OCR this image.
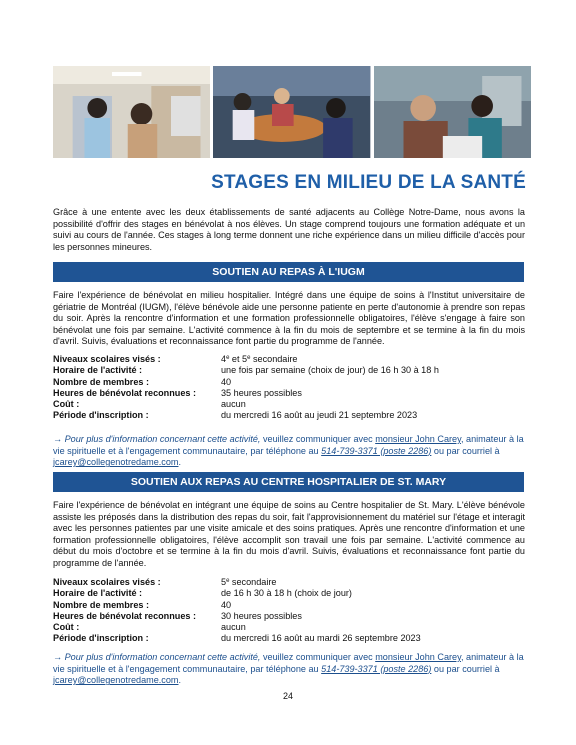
STAGES EN MILIEU DE LA SANTÉ
Grâce à une entente avec les deux établissements de santé adjacents au Collège Notre-Dame, nous avons la possibilité d'offrir des stages en bénévolat à nos élèves. Un stage comprend toujours une formation adéquate et un suivi au cours de l'année. Ces stages à long terme donnent une riche expérience dans un milieu difficile d'accès pour les personnes mineures.
SOUTIEN AU REPAS À L'IUGM
Faire l'expérience de bénévolat en milieu hospitalier. Intégré dans une équipe de soins à l'Institut universitaire de gériatrie de Montréal (IUGM), l'élève bénévole aide une personne patiente en perte d'autonomie à prendre son repas du soir. Après la rencontre d'information et une formation professionnelle obligatoires, l'élève s'engage à faire son bénévolat une fois par semaine. L'activité commence à la fin du mois de septembre et se termine à la fin du mois d'avril. Suivis, évaluations et reconnaissance font partie du programme de l'année.
Niveaux scolaires visés :	4e et 5e secondaire
Horaire de l'activité :	une fois par semaine (choix de jour) de 16 h 30 à 18 h
Nombre de membres :	40
Heures de bénévolat reconnues :	35 heures possibles
Coût :	aucun
Période d'inscription :	du mercredi 16 août au jeudi 21 septembre 2023
→ Pour plus d'information concernant cette activité, veuillez communiquer avec monsieur John Carey, animateur à la vie spirituelle et à l'engagement communautaire, par téléphone au 514-739-3371 (poste 2286) ou par courriel à jcarey@collegenotredame.com.
SOUTIEN AUX REPAS AU CENTRE HOSPITALIER DE ST. MARY
Faire l'expérience de bénévolat en intégrant une équipe de soins au Centre hospitalier de St. Mary. L'élève bénévole assiste les préposés dans la distribution des repas du soir, fait l'approvisionnement du matériel sur l'étage et interagit avec les personnes patientes par une visite amicale et des soins pratiques. Après une rencontre d'information et une formation professionnelle obligatoires, l'élève accomplit son travail une fois par semaine. L'activité commence au début du mois d'octobre et se termine à la fin du mois d'avril. Suivis, évaluations et reconnaissance font partie du programme de l'année.
Niveaux scolaires visés :	5e secondaire
Horaire de l'activité :	de 16 h 30 à 18 h (choix de jour)
Nombre de membres :	40
Heures de bénévolat reconnues :	30 heures possibles
Coût :	aucun
Période d'inscription :	du mercredi 16 août au mardi 26 septembre 2023
→ Pour plus d'information concernant cette activité, veuillez communiquer avec monsieur John Carey, animateur à la vie spirituelle et à l'engagement communautaire, par téléphone au 514-739-3371 (poste 2286) ou par courriel à jcarey@collegenotredame.com.
24
